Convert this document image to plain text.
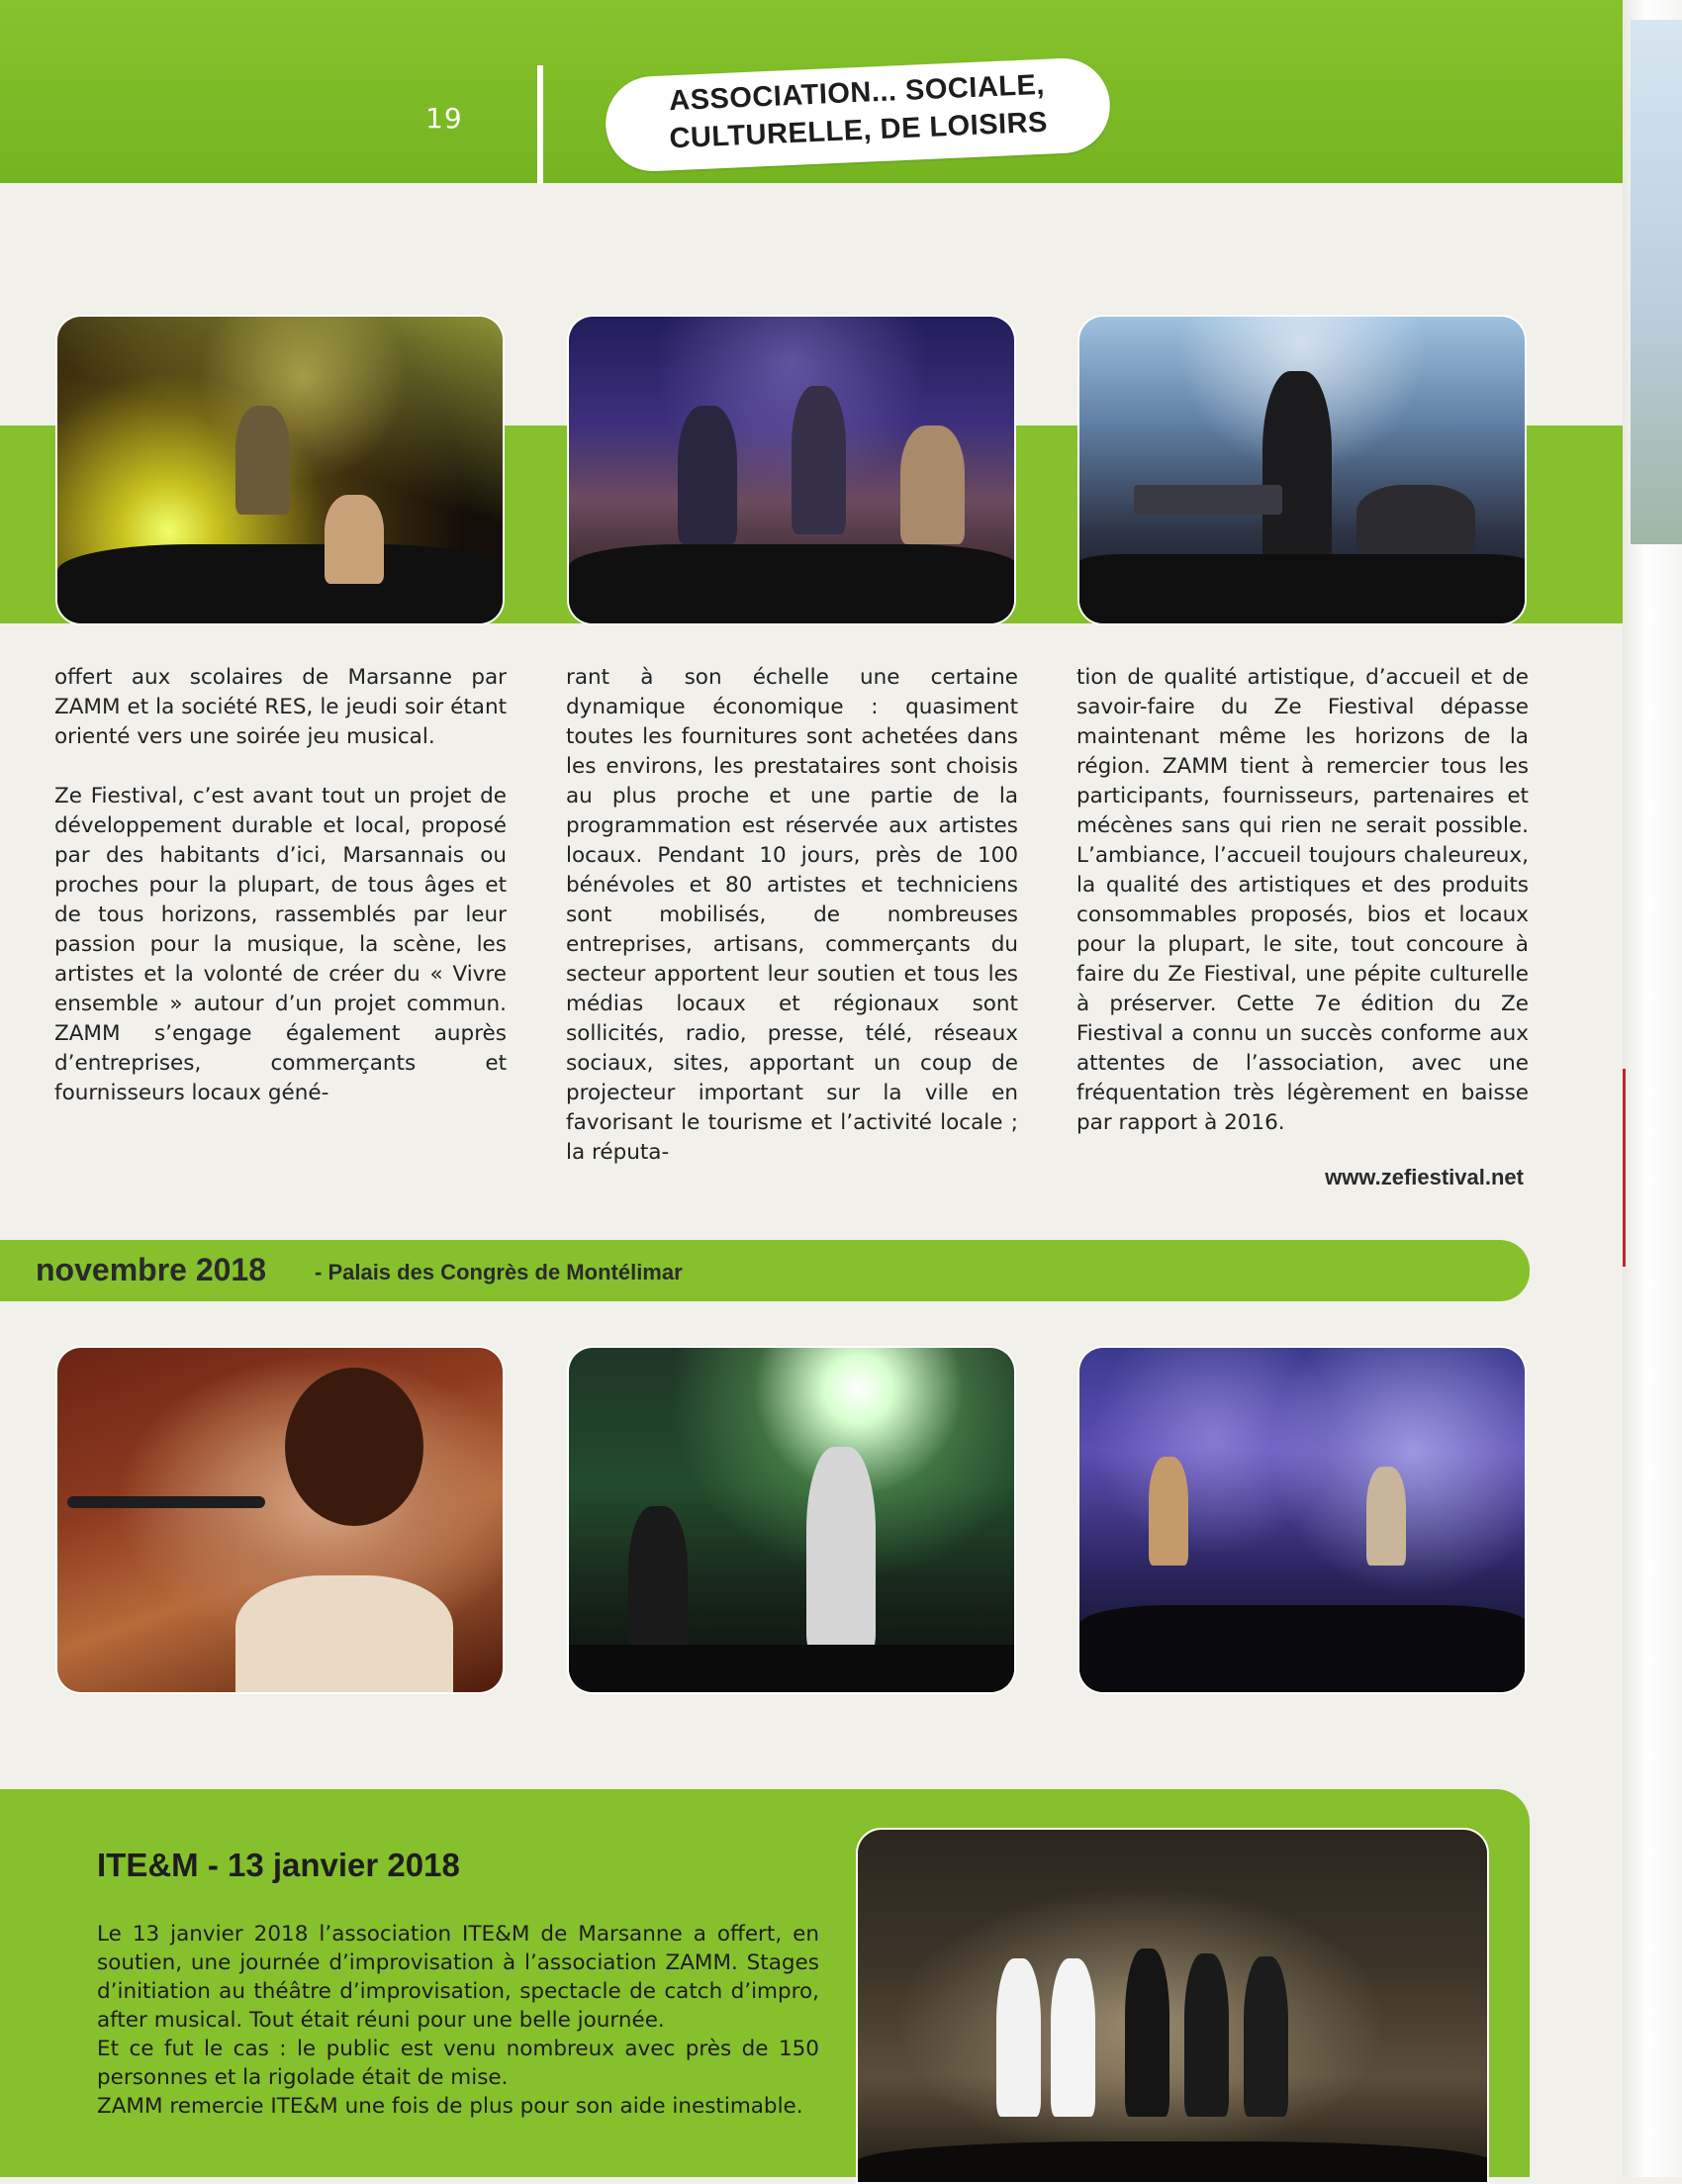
19
ASSOCIATION... SOCIALE,
CULTURELLE, DE LOISIRS

offert aux scolaires de Marsanne par ZAMM et la société RES, le jeudi soir étant orienté vers une soirée jeu musical.

Ze Fiestival, c’est avant tout un projet de développement durable et local, proposé par des habitants d’ici, Marsannais ou proches pour la plupart, de tous âges et de tous horizons, rassemblés par leur passion pour la musique, la scène, les artistes et la volonté de créer du « Vivre ensemble » autour d’un projet commun. ZAMM s’engage également auprès d’entreprises, commerçants et fournisseurs locaux géné-

rant à son échelle une certaine dynamique économique : quasiment toutes les fournitures sont achetées dans les environs, les prestataires sont choisis au plus proche et une partie de la programmation est réservée aux artistes locaux. Pendant 10 jours, près de 100 bénévoles et 80 artistes et techniciens sont mobilisés, de nombreuses entreprises, artisans, commerçants du secteur apportent leur soutien et tous les médias locaux et régionaux sont sollicités, radio, presse, télé, réseaux sociaux, sites, apportant un coup de projecteur important sur la ville en favorisant le tourisme et l’activité locale ; la réputa-

tion de qualité artistique, d’accueil et de savoir-faire du Ze Fiestival dépasse maintenant même les horizons de la région. ZAMM tient à remercier tous les participants, fournisseurs, partenaires et mécènes sans qui rien ne serait possible. L’ambiance, l’accueil toujours chaleureux, la qualité des artistiques et des produits consommables proposés, bios et locaux pour la plupart, le site, tout concoure à faire du Ze Fiestival, une pépite culturelle à préserver. Cette 7e édition du Ze Fiestival a connu un succès conforme aux attentes de l’association, avec une fréquentation très légèrement en baisse par rapport à 2016.

www.zefiestival.net
novembre 2018 - Palais des Congrès de Montélimar
ITE&M - 13 janvier 2018

Le 13 janvier 2018 l’association ITE&M de Marsanne a offert, en soutien, une journée d’improvisation à l’association ZAMM. Stages d’initiation au théâtre d’improvisation, spectacle de catch d’impro, after musical. Tout était réuni pour une belle journée.

Et ce fut le cas : le public est venu nombreux avec près de 150 personnes et la rigolade était de mise.

ZAMM remercie ITE&M une fois de plus pour son aide inestimable.
